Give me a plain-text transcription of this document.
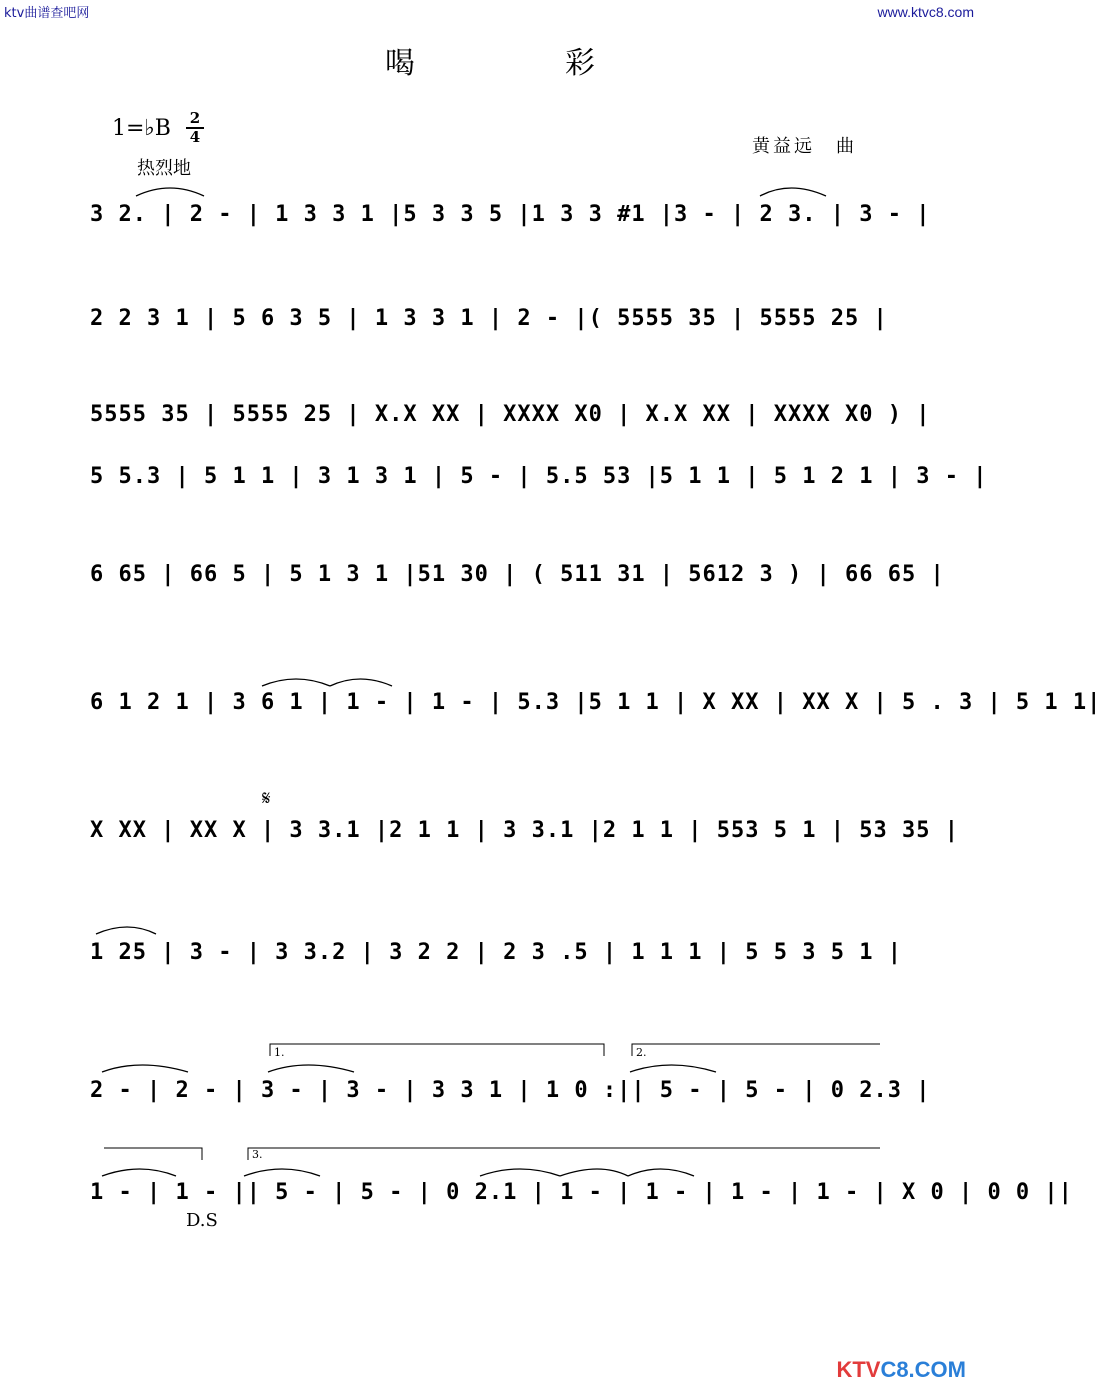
ktv曲谱查吧网	www.ktvc8.com
喝彩
1=♭B 2
4
热烈地
黄益远　曲
3 2. | 2 - | 1 3 3 1 |5 3 3 5 |1 3 3 #1 |3 - | 2 3. | 3 - |
2 2 3 1 | 5 6 3 5 | 1 3 3 1 | 2 - |( 5555 35 | 5555 25 |
5555 35 | 5555 25 | X.X XX | XXXX X0 | X.X XX | XXXX X0 ) |
5 5.3 | 5 1 1 | 3 1 3 1 | 5 - | 5.5 53 |5 1 1 | 5 1 2 1 | 3 - |
6 65 | 66 5 | 5 1 3 1 |51 30 | ( 511 31 | 5612 3 ) | 66 65 |
6 1 2 1 | 3 6 1 | 1 - | 1 - | 5.3 |5 1 1 | X XX | XX X | 5 . 3 | 5 1 1|
X XX | XX X | 3 3.1 |2 1 1 | 3 3.1 |2 1 1 | 553 5 1 | 53 35 |
1 25 | 3 - | 3 3.2 | 3 2 2 | 2 3 .5 | 1 1 1 | 5 5 3 5 1 |
2 - | 2 - | 3 - | 3 - | 3 3 1 | 1 0 :|| 5 - | 5 - | 0 2.3 |
1 - | 1 - || 5 - | 5 - | 0 2.1 | 1 - | 1 - | 1 - | 1 - | X 0 | 0 0 ||
𝄋
D.S
1.	2.
3.
KTVC8.COM
